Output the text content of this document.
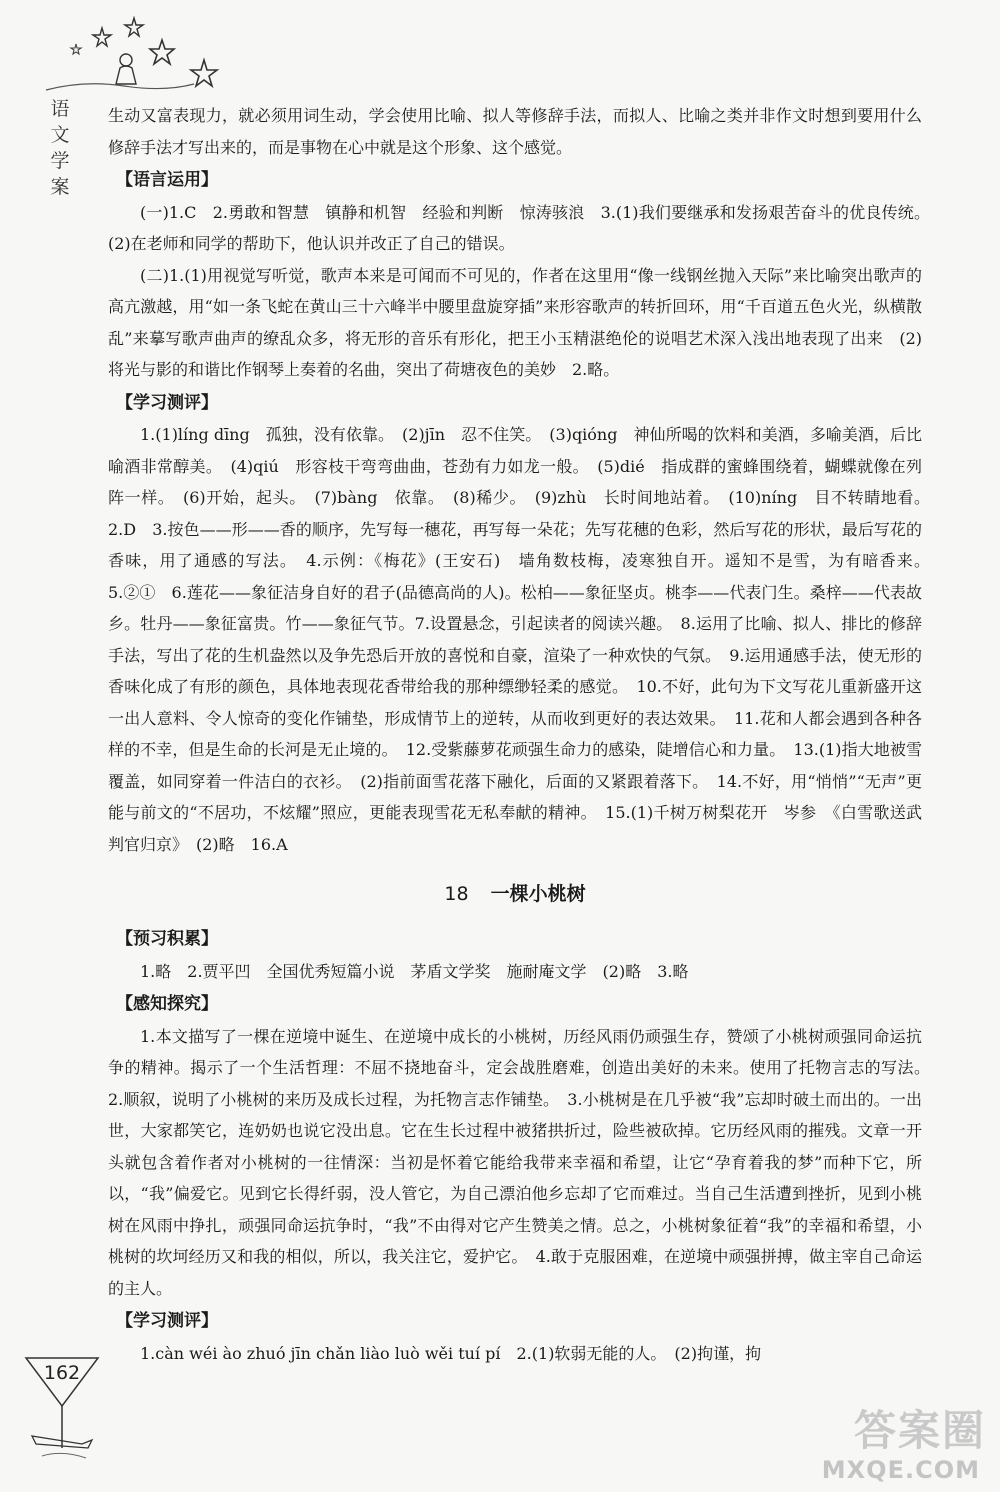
语文学案

生动又富表现力，就必须用词生动，学会使用比喻、拟人等修辞手法，而拟人、比喻之类并非作文时想到要用什么修辞手法才写出来的，而是事物在心中就是这个形象、这个感觉。

【语言运用】

(一)1.C　2.勇敢和智慧　镇静和机智　经验和判断　惊涛骇浪　3.(1)我们要继承和发扬艰苦奋斗的优良传统。　(2)在老师和同学的帮助下，他认识并改正了自己的错误。

(二)1.(1)用视觉写听觉，歌声本来是可闻而不可见的，作者在这里用“像一线钢丝抛入天际”来比喻突出歌声的高亢激越，用“如一条飞蛇在黄山三十六峰半中腰里盘旋穿插”来形容歌声的转折回环，用“千百道五色火光，纵横散乱”来摹写歌声曲声的缭乱众多，将无形的音乐有形化，把王小玉精湛绝伦的说唱艺术深入浅出地表现了出来　(2)将光与影的和谐比作钢琴上奏着的名曲，突出了荷塘夜色的美妙　2.略。

【学习测评】

1.(1)líng dīng　孤独，没有依靠。　(2)jīn　忍不住笑。　(3)qióng　神仙所喝的饮料和美酒，多喻美酒，后比喻酒非常醇美。　(4)qiú　形容枝干弯弯曲曲，苍劲有力如龙一般。　(5)dié　指成群的蜜蜂围绕着，蝴蝶就像在列阵一样。　(6)开始，起头。　(7)bàng　依靠。　(8)稀少。　(9)zhù　长时间地站着。　(10)níng　目不转睛地看。　2.D　3.按色——形——香的顺序，先写每一穗花，再写每一朵花；先写花穗的色彩，然后写花的形状，最后写花的香味，用了通感的写法。　4.示例：《梅花》(王安石)　墙角数枝梅，凌寒独自开。遥知不是雪，为有暗香来。　5.②①　6.莲花——象征洁身自好的君子(品德高尚的人)。松柏——象征坚贞。桃李——代表门生。桑梓——代表故乡。牡丹——象征富贵。竹——象征气节。7.设置悬念，引起读者的阅读兴趣。　8.运用了比喻、拟人、排比的修辞手法，写出了花的生机盎然以及争先恐后开放的喜悦和自豪，渲染了一种欢快的气氛。　9.运用通感手法，使无形的香味化成了有形的颜色，具体地表现花香带给我的那种缥缈轻柔的感觉。　10.不好，此句为下文写花儿重新盛开这一出人意料、令人惊奇的变化作铺垫，形成情节上的逆转，从而收到更好的表达效果。　11.花和人都会遇到各种各样的不幸，但是生命的长河是无止境的。　12.受紫藤萝花顽强生命力的感染，陡增信心和力量。　13.(1)指大地被雪覆盖，如同穿着一件洁白的衣衫。　(2)指前面雪花落下融化，后面的又紧跟着落下。　14.不好，用“悄悄”“无声”更能与前文的“不居功，不炫耀”照应，更能表现雪花无私奉献的精神。　15.(1)千树万树梨花开　岑参　《白雪歌送武判官归京》　(2)略　16.A

18 一棵小桃树
【预习积累】

1.略　2.贾平凹　全国优秀短篇小说　茅盾文学奖　施耐庵文学　(2)略　3.略

【感知探究】

1.本文描写了一棵在逆境中诞生、在逆境中成长的小桃树，历经风雨仍顽强生存，赞颂了小桃树顽强同命运抗争的精神。揭示了一个生活哲理：不屈不挠地奋斗，定会战胜磨难，创造出美好的未来。使用了托物言志的写法。　2.顺叙，说明了小桃树的来历及成长过程，为托物言志作铺垫。　3.小桃树是在几乎被“我”忘却时破土而出的。一出世，大家都笑它，连奶奶也说它没出息。它在生长过程中被猪拱折过，险些被砍掉。它历经风雨的摧残。文章一开头就包含着作者对小桃树的一往情深：当初是怀着它能给我带来幸福和希望，让它“孕育着我的梦”而种下它，所以，“我”偏爱它。见到它长得纤弱，没人管它，为自己漂泊他乡忘却了它而难过。当自己生活遭到挫折，见到小桃树在风雨中挣扎，顽强同命运抗争时，“我”不由得对它产生赞美之情。总之，小桃树象征着“我”的幸福和希望，小桃树的坎坷经历又和我的相似，所以，我关注它，爱护它。　4.敢于克服困难，在逆境中顽强拼搏，做主宰自己命运的主人。

【学习测评】

1.càn wéi ào zhuó jīn chǎn liào luò wěi tuí pí　2.(1)软弱无能的人。　(2)拘谨，拘

162
答案圈
MXQE.COM
